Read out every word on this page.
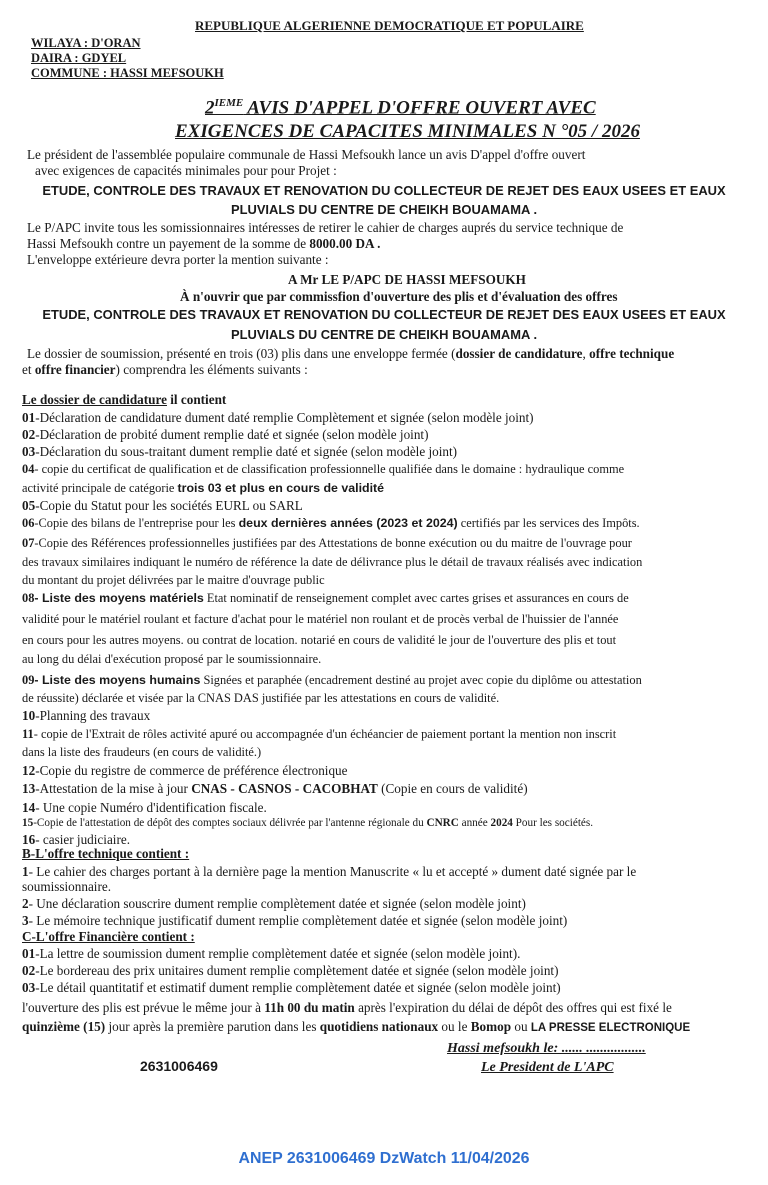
REPUBLIQUE ALGERIENNE DEMOCRATIQUE ET POPULAIRE
WILAYA : D'ORAN
DAIRA : GDYEL
COMMUNE : HASSI MEFSOUKH
2IEME AVIS D'APPEL D'OFFRE OUVERT AVEC
EXIGENCES DE CAPACITES MINIMALES N °05 / 2026
Le président de l'assemblée populaire communale de Hassi Mefsoukh lance un avis D'appel d'offre ouvert
avec exigences de capacités minimales pour pour Projet :
ETUDE, CONTROLE DES TRAVAUX ET RENOVATION DU COLLECTEUR DE REJET DES EAUX USEES ET EAUX
PLUVIALS DU CENTRE DE CHEIKH BOUAMAMA .
Le P/APC invite tous les somissionnaires intéresses de retirer le cahier de charges auprés du service technique de
Hassi Mefsoukh contre un payement de la somme de 8000.00 DA .
L'enveloppe extérieure devra porter la mention suivante :
A Mr LE P/APC DE HASSI MEFSOUKH
À n'ouvrir que par commissfion d'ouverture des plis et d'évaluation des offres
ETUDE, CONTROLE DES TRAVAUX ET RENOVATION DU COLLECTEUR DE REJET DES EAUX USEES ET EAUX
PLUVIALS DU CENTRE DE CHEIKH BOUAMAMA .
Le dossier de soumission, présenté en trois (03) plis dans une enveloppe fermée (dossier de candidature, offre technique
et offre financier) comprendra les éléments suivants :
Le dossier de candidature il contient
01-Déclaration de candidature dument daté remplie Complètement et signée (selon modèle joint)
02-Déclaration de probité dument remplie daté et signée (selon modèle joint)
03-Déclaration du sous-traitant dument remplie daté et signée (selon modèle joint)
04- copie du certificat de qualification et de classification professionnelle qualifiée dans le domaine : hydraulique comme
activité principale de catégorie trois 03 et plus en cours de validité
05-Copie du Statut pour les sociétés EURL ou SARL
06-Copie des bilans de l'entreprise pour les deux dernières années (2023 et 2024) certifiés par les services des Impôts.
07-Copie des Références professionnelles justifiées par des Attestations de bonne exécution ou du maitre de l'ouvrage pour
des travaux similaires indiquant le numéro de référence la date de délivrance plus le détail de travaux réalisés avec indication
du montant du projet délivrées par le maitre d'ouvrage public
08- Liste des moyens matériels Etat nominatif de renseignement complet avec cartes grises et assurances en cours de
validité pour le matériel roulant et facture d'achat pour le matériel non roulant et de procès verbal de l'huissier de l'année
en cours pour les autres moyens. ou contrat de location. notarié en cours de validité le jour de l'ouverture des plis et tout
au long du délai d'exécution proposé par le soumissionnaire.
09- Liste des moyens humains Signées et paraphée (encadrement destiné au projet avec copie du diplôme ou attestation
de réussite) déclarée et visée par la CNAS DAS justifiée par les attestations en cours de validité.
10-Planning des travaux
11- copie de l'Extrait de rôles activité apuré ou accompagnée d'un échéancier de paiement portant la mention non inscrit
dans la liste des fraudeurs (en cours de validité.)
12-Copie du registre de commerce de préférence électronique
13-Attestation de la mise à jour CNAS - CASNOS - CACOBHAT (Copie en cours de validité)
14- Une copie Numéro d'identification fiscale.
15-Copie de l'attestation de dépôt des comptes sociaux délivrée par l'antenne régionale du CNRC année 2024 Pour les sociétés.
16- casier judiciaire.
B-L'offre technique contient :
1- Le cahier des charges portant à la dernière page la mention Manuscrite « lu et accepté » dument daté signée par le
soumissionnaire.
2- Une déclaration souscrire dument remplie complètement datée et signée (selon modèle joint)
3- Le mémoire technique justificatif dument remplie complètement datée et signée (selon modèle joint)
C-L'offre Financière contient :
01-La lettre de soumission dument remplie complètement datée et signée (selon modèle joint).
02-Le bordereau des prix unitaires dument remplie complètement datée et signée (selon modèle joint)
03-Le détail quantitatif et estimatif dument remplie complètement datée et signée (selon modèle joint)
l'ouverture des plis est prévue le même jour à 11h 00 du matin après l'expiration du délai de dépôt des offres qui est fixé le
quinzième (15) jour après la première parution dans les quotidiens nationaux ou le Bomop ou LA PRESSE ELECTRONIQUE
Hassi mefsoukh le: ...... .................
Le President de L'APC
2631006469
ANEP 2631006469 DzWatch 11/04/2026
